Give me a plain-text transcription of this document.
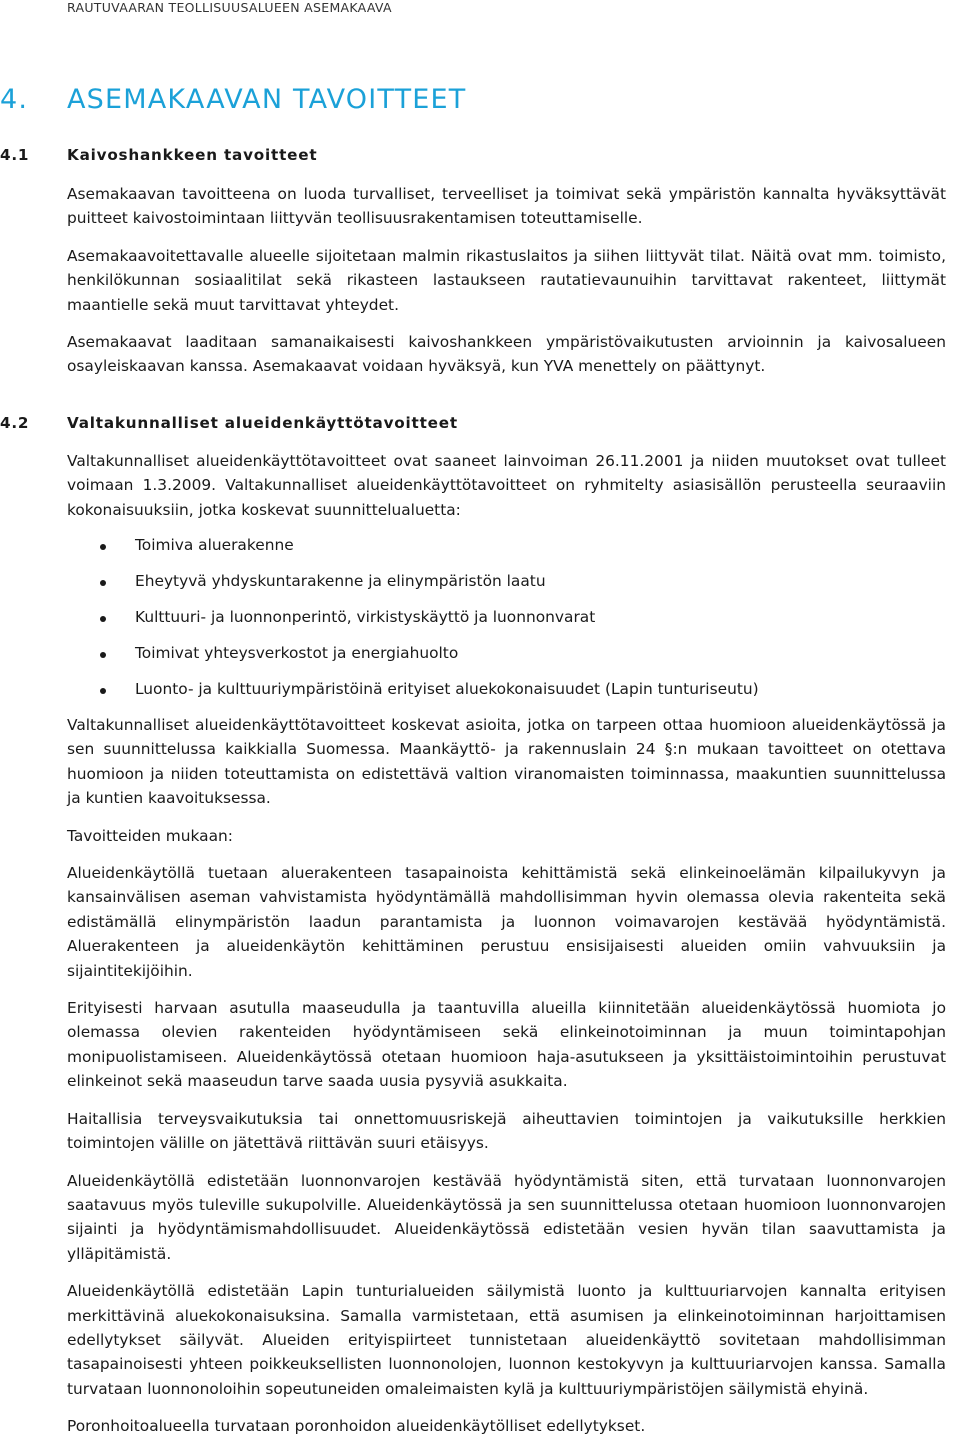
RAUTUVAARAN TEOLLISUUSALUEEN ASEMAKAAVA
4. ASEMAKAAVAN TAVOITTEET
4.1 Kaivoshankkeen tavoitteet

Asemakaavan tavoitteena on luoda turvalliset, terveelliset ja toimivat sekä ympäristön kannalta hyväksyttävät puitteet kaivostoimintaan liittyvän teollisuusrakentamisen toteuttamiselle.

Asemakaavoitettavalle alueelle sijoitetaan malmin rikastuslaitos ja siihen liittyvät tilat. Näitä ovat mm. toimisto, henkilökunnan sosiaalitilat sekä rikasteen lastaukseen rautatievaunuihin tarvittavat rakenteet, liittymät maantielle sekä muut tarvittavat yhteydet.

Asemakaavat laaditaan samanaikaisesti kaivoshankkeen ympäristövaikutusten arvioinnin ja kaivosalueen osayleiskaavan kanssa. Asemakaavat voidaan hyväksyä, kun YVA menettely on päättynyt.

4.2 Valtakunnalliset alueidenkäyttötavoitteet

Valtakunnalliset alueidenkäyttötavoitteet ovat saaneet lainvoiman 26.11.2001 ja niiden muutokset ovat tulleet voimaan 1.3.2009. Valtakunnalliset alueidenkäyttötavoitteet on ryhmitelty asiasisällön perusteella seuraaviin kokonaisuuksiin, jotka koskevat suunnittelualuetta:

Toimiva aluerakenne
Eheytyvä yhdyskuntarakenne ja elinympäristön laatu
Kulttuuri- ja luonnonperintö, virkistyskäyttö ja luonnonvarat
Toimivat yhteysverkostot ja energiahuolto
Luonto- ja kulttuuriympäristöinä erityiset aluekokonaisuudet (Lapin tunturiseutu)

Valtakunnalliset alueidenkäyttötavoitteet koskevat asioita, jotka on tarpeen ottaa huomioon alueidenkäytössä ja sen suunnittelussa kaikkialla Suomessa. Maankäyttö- ja rakennuslain 24 §:n mukaan tavoitteet on otettava huomioon ja niiden toteuttamista on edistettävä valtion viranomaisten toiminnassa, maakuntien suunnittelussa ja kuntien kaavoituksessa.

Tavoitteiden mukaan:

Alueidenkäytöllä tuetaan aluerakenteen tasapainoista kehittämistä sekä elinkeinoelämän kilpailukyvyn ja kansainvälisen aseman vahvistamista hyödyntämällä mahdollisimman hyvin olemassa olevia rakenteita sekä edistämällä elinympäristön laadun parantamista ja luonnon voimavarojen kestävää hyödyntämistä. Aluerakenteen ja alueidenkäytön kehittäminen perustuu ensisijaisesti alueiden omiin vahvuuksiin ja sijaintitekijöihin.

Erityisesti harvaan asutulla maaseudulla ja taantuvilla alueilla kiinnitetään alueidenkäytössä huomiota jo olemassa olevien rakenteiden hyödyntämiseen sekä elinkeinotoiminnan ja muun toimintapohjan monipuolistamiseen. Alueidenkäytössä otetaan huomioon haja-asutukseen ja yksittäistoimintoihin perustuvat elinkeinot sekä maaseudun tarve saada uusia pysyviä asukkaita.

Haitallisia terveysvaikutuksia tai onnettomuusriskejä aiheuttavien toimintojen ja vaikutuksille herkkien toimintojen välille on jätettävä riittävän suuri etäisyys.

Alueidenkäytöllä edistetään luonnonvarojen kestävää hyödyntämistä siten, että turvataan luonnonvarojen saatavuus myös tuleville sukupolville. Alueidenkäytössä ja sen suunnittelussa otetaan huomioon luonnonvarojen sijainti ja hyödyntämismahdollisuudet. Alueidenkäytössä edistetään vesien hyvän tilan saavuttamista ja ylläpitämistä.

Alueidenkäytöllä edistetään Lapin tunturialueiden säilymistä luonto ja kulttuuriarvojen kannalta erityisen merkittävinä aluekokonaisuksina. Samalla varmistetaan, että asumisen ja elinkeinotoiminnan harjoittamisen edellytykset säilyvät. Alueiden erityispiirteet tunnistetaan alueidenkäyttö sovitetaan mahdollisimman tasapainoisesti yhteen poikkeuksellisten luonnonolojen, luonnon kestokyvyn ja kulttuuriarvojen kanssa. Samalla turvataan luonnonoloihin sopeutuneiden omaleimaisten kylä ja kulttuuriympäristöjen säilymistä ehyinä.

Poronhoitoalueella turvataan poronhoidon alueidenkäytölliset edellytykset.
